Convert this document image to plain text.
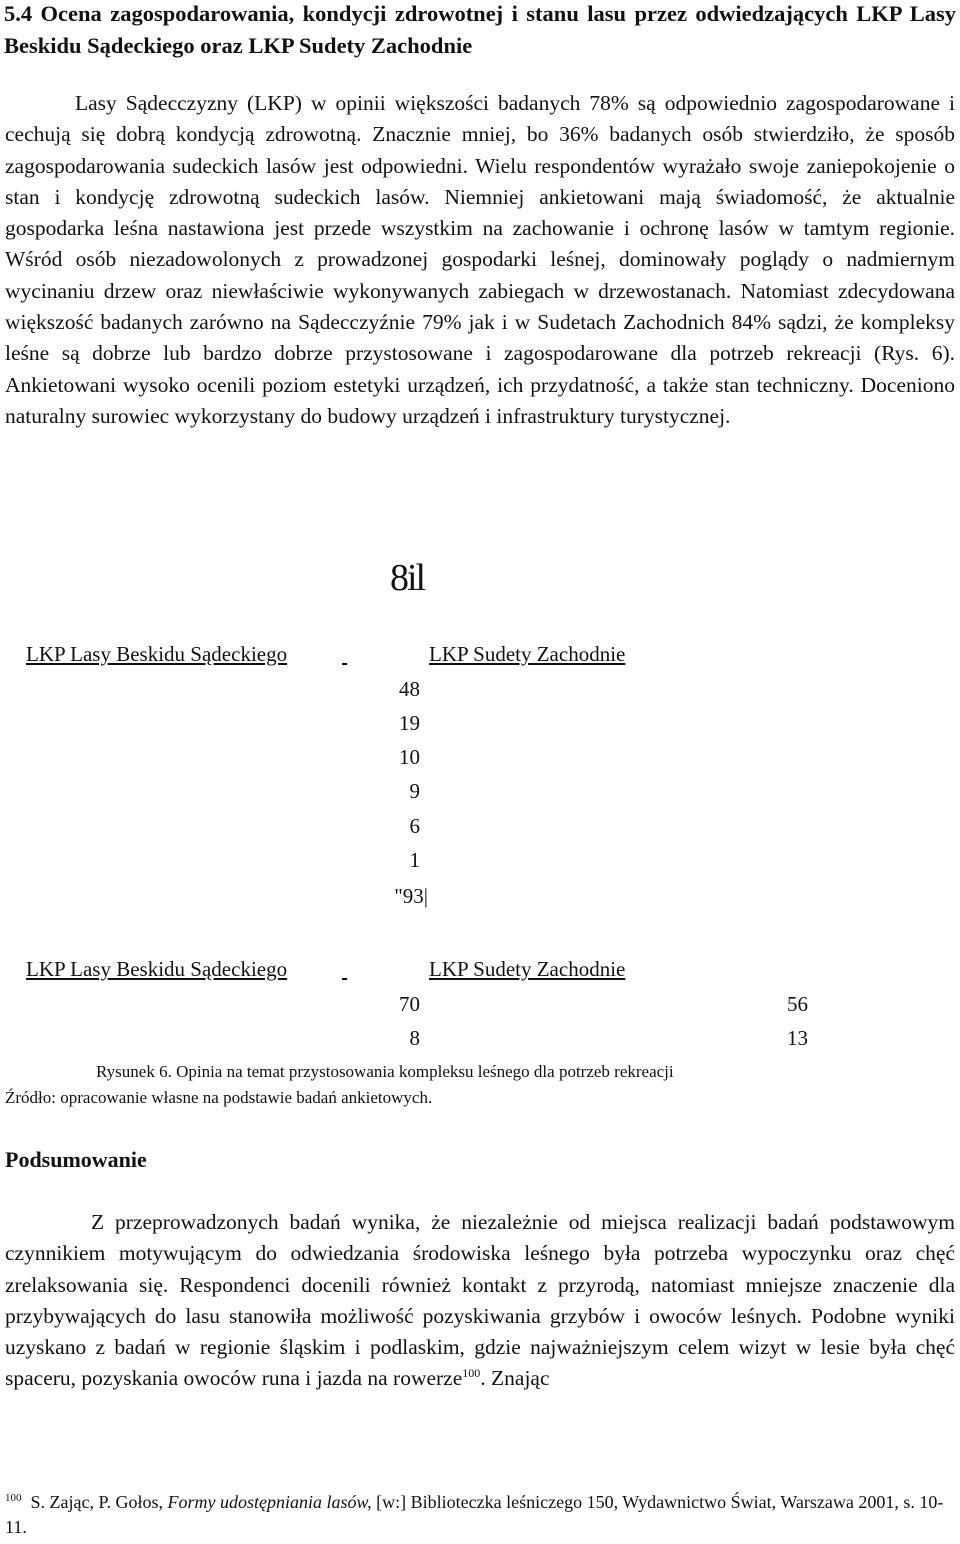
5.4 Ocena zagospodarowania, kondycji zdrowotnej i stanu lasu przez odwiedzających LKP Lasy Beskidu Sądeckiego oraz LKP Sudety Zachodnie

Lasy Sądecczyzny (LKP) w opinii większości badanych 78% są odpowiednio zagospodarowane i cechują się dobrą kondycją zdrowotną. Znacznie mniej, bo 36% badanych osób stwierdziło, że sposób zagospodarowania sudeckich lasów jest odpowiedni. Wielu respondentów wyrażało swoje zaniepokojenie o stan i kondycję zdrowotną sudeckich lasów. Niemniej ankietowani mają świadomość, że aktualnie gospodarka leśna nastawiona jest przede wszystkim na zachowanie i ochronę lasów w tamtym regionie. Wśród osób niezadowolonych z prowadzonej gospodarki leśnej, dominowały poglądy o nadmiernym wycinaniu drzew oraz niewłaściwie wykonywanych zabiegach w drzewostanach. Natomiast zdecydowana większość badanych zarówno na Sądecczyźnie 79% jak i w Sudetach Zachodnich 84% sądzi, że kompleksy leśne są dobrze lub bardzo dobrze przystosowane i zagospodarowane dla potrzeb rekreacji (Rys. 6). Ankietowani wysoko ocenili poziom estetyki urządzeń, ich przydatność, a także stan techniczny. Doceniono naturalny surowiec wykorzystany do budowy urządzeń i infrastruktury turystycznej.

8il
LKP Lasy Beskidu Sądeckiego
	LKP Sudety Zachodnie
48
19
10
9
6
1
"93|
LKP Lasy Beskidu Sądeckiego
	LKP Sudety Zachodnie
70	56
8	13
Rysunek 6. Opinia na temat przystosowania kompleksu leśnego dla potrzeb rekreacji
Źródło: opracowanie własne na podstawie badań ankietowych.
Podsumowanie

Z przeprowadzonych badań wynika, że niezależnie od miejsca realizacji badań podstawowym czynnikiem motywującym do odwiedzania środowiska leśnego była potrzeba wypoczynku oraz chęć zrelaksowania się. Respondenci docenili również kontakt z przyrodą, natomiast mniejsze znaczenie dla przybywających do lasu stanowiła możliwość pozyskiwania grzybów i owoców leśnych. Podobne wyniki uzyskano z badań w regionie śląskim i podlaskim, gdzie najważniejszym celem wizyt w lesie była chęć spaceru, pozyskania owoców runa i jazda na rowerze$^{100}$. Znając

$^{100}$ S. Zając, P. Gołos, Formy udostępniania lasów, [w:] Biblioteczka leśniczego 150, Wydawnictwo Świat, Warszawa 2001, s. 10-11.
